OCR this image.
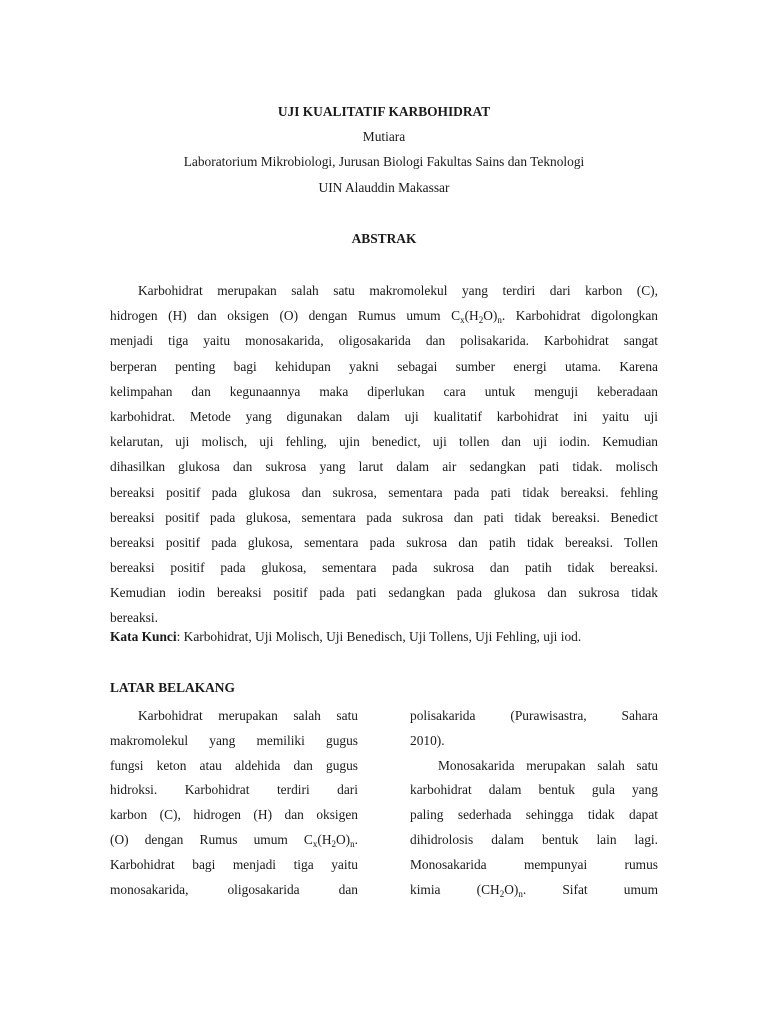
UJI KUALITATIF KARBOHIDRAT
Mutiara
Laboratorium Mikrobiologi, Jurusan Biologi Fakultas Sains dan Teknologi
UIN Alauddin Makassar
ABSTRAK
Karbohidrat merupakan salah satu makromolekul yang terdiri dari karbon (C),
hidrogen (H) dan oksigen (O) dengan Rumus umum $C_x(H_2O)_n$. Karbohidrat digolongkan
menjadi tiga yaitu monosakarida, oligosakarida dan polisakarida. Karbohidrat sangat
berperan penting bagi kehidupan yakni sebagai sumber energi utama. Karena
kelimpahan dan kegunaannya maka diperlukan cara untuk menguji keberadaan
karbohidrat. Metode yang digunakan dalam uji kualitatif karbohidrat ini yaitu uji
kelarutan, uji molisch, uji fehling, ujin benedict, uji tollen dan uji iodin. Kemudian
dihasilkan glukosa dan sukrosa yang larut dalam air sedangkan pati tidak. molisch
bereaksi positif pada glukosa dan sukrosa, sementara pada pati tidak bereaksi. fehling
bereaksi positif pada glukosa, sementara pada sukrosa dan pati tidak bereaksi. Benedict
bereaksi positif pada glukosa, sementara pada sukrosa dan patih tidak bereaksi. Tollen
bereaksi positif pada glukosa, sementara pada sukrosa dan patih tidak bereaksi.
Kemudian iodin bereaksi positif pada pati sedangkan pada glukosa dan sukrosa tidak
bereaksi.
Kata Kunci: Karbohidrat, Uji Molisch, Uji Benedisch, Uji Tollens, Uji Fehling, uji iod.
LATAR BELAKANG
Karbohidrat merupakan salah satu
makromolekul yang memiliki gugus
fungsi keton atau aldehida dan gugus
hidroksi. Karbohidrat terdiri dari
karbon (C), hidrogen (H) dan oksigen
(O) dengan Rumus umum $C_x(H_2O)_n$.
Karbohidrat bagi menjadi tiga yaitu
monosakarida, oligosakarida dan
polisakarida (Purawisastra, Sahara
2010).
Monosakarida merupakan salah satu
karbohidrat dalam bentuk gula yang
paling sederhada sehingga tidak dapat
dihidrolosis dalam bentuk lain lagi.
Monosakarida mempunyai rumus
kimia $(CH_2O)_n$. Sifat umum
